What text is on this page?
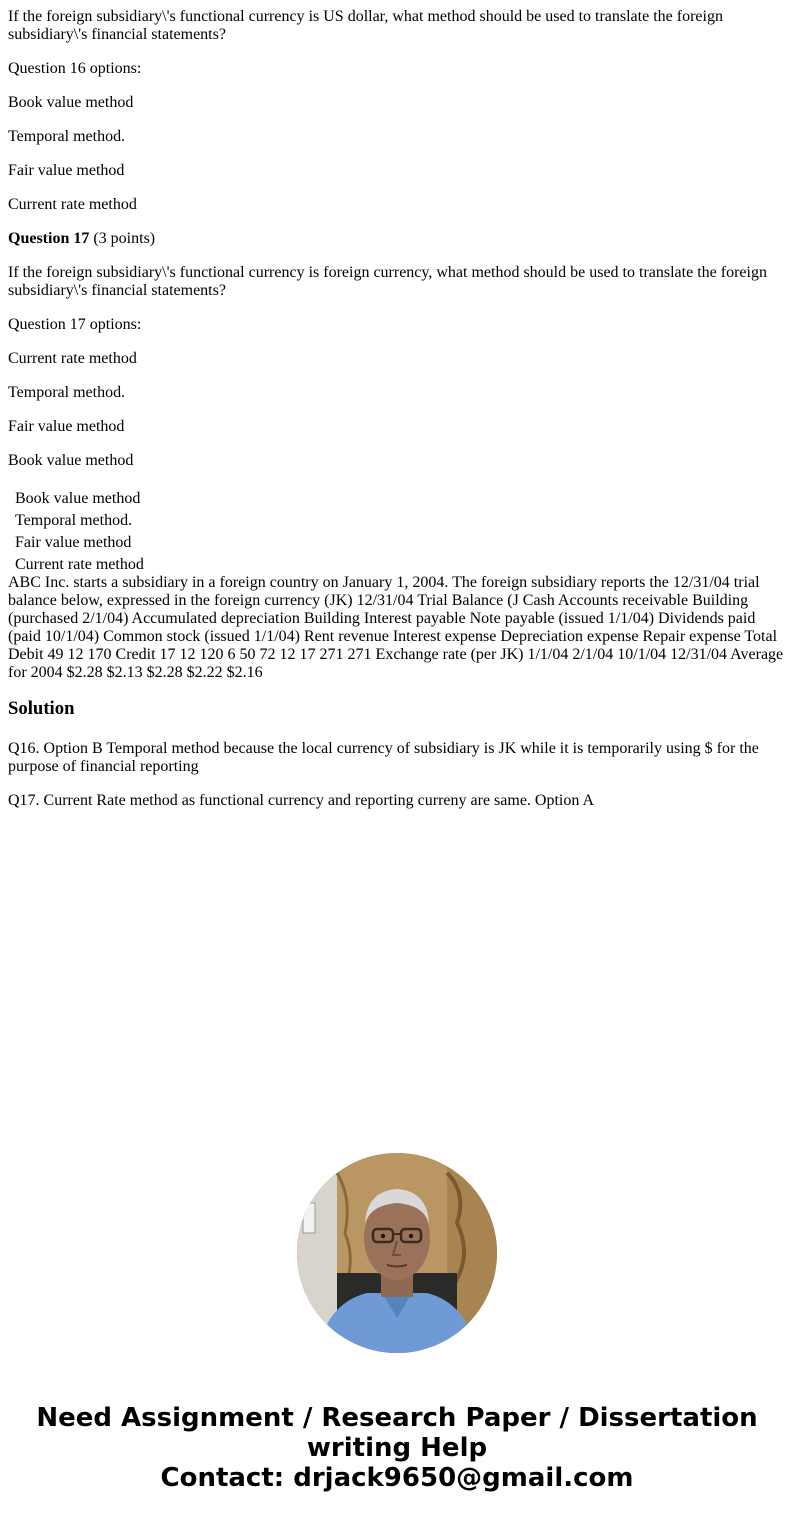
If the foreign subsidiary\'s functional currency is US dollar, what method should be used to translate the foreign subsidiary\'s financial statements?

Question 16 options:

Book value method

Temporal method.

Fair value method

Current rate method

Question 17 (3 points)

If the foreign subsidiary\'s functional currency is foreign currency, what method should be used to translate the foreign subsidiary\'s financial statements?

Question 17 options:

Current rate method

Temporal method.

Fair value method

Book value method

Book value method
Temporal method.
Fair value method
Current rate method

ABC Inc. starts a subsidiary in a foreign country on January 1, 2004. The foreign subsidiary reports the 12/31/04 trial balance below, expressed in the foreign currency (JK) 12/31/04 Trial Balance (J Cash Accounts receivable Building (purchased 2/1/04) Accumulated depreciation Building Interest payable Note payable (issued 1/1/04) Dividends paid (paid 10/1/04) Common stock (issued 1/1/04) Rent revenue Interest expense Depreciation expense Repair expense Total Debit 49 12 170 Credit 17 12 120 6 50 72 12 17 271 271 Exchange rate (per JK) 1/1/04 2/1/04 10/1/04 12/31/04 Average for 2004 $2.28 $2.13 $2.28 $2.22 $2.16

Solution

Q16. Option B Temporal method because the local currency of subsidiary is JK while it is temporarily using $ for the purpose of financial reporting

Q17. Current Rate method as functional currency and reporting curreny are same. Option A

Need Assignment / Research Paper / Dissertation
writing Help
Contact: drjack9650@gmail.com
